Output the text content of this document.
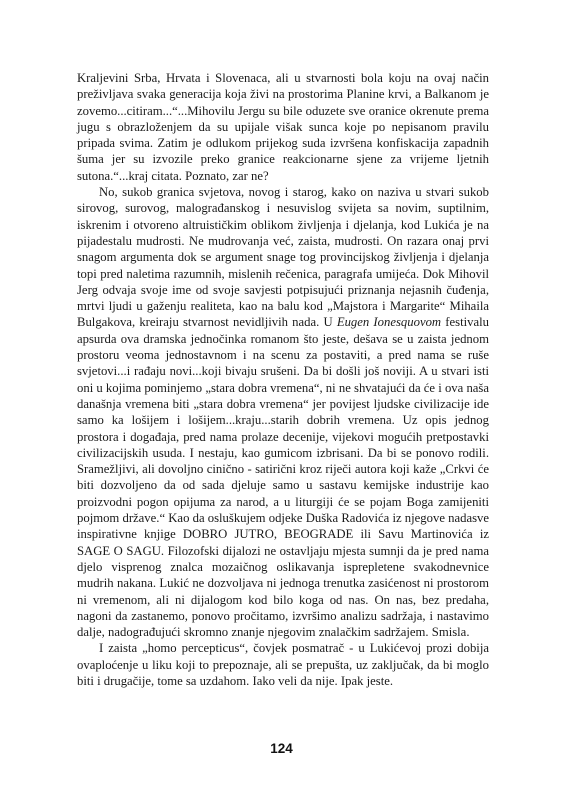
Kraljevini Srba, Hrvata i Slovenaca, ali u stvarnosti bola koju na ovaj način preživljava svaka generacija koja živi na prostorima Planine krvi, a Balkanom je zovemo...citiram...“...Mihovilu Jergu su bile oduzete sve oranice okrenute prema jugu s obrazloženjem da su upijale višak sunca koje po nepisanom pravilu pripada svima. Zatim je odlukom prijekog suda izvršena konfiskacija zapadnih šuma jer su izvozile preko granice reakcionarne sjene za vrijeme ljetnih sutona.“...kraj citata. Poznato, zar ne?

No, sukob granica svjetova, novog i starog, kako on naziva u stvari sukob sirovog, surovog, malograđanskog i nesuvislog svijeta sa novim, suptilnim, iskrenim i otvoreno altruističkim oblikom življenja i djelanja, kod Lukića je na pijadestalu mudrosti. Ne mudrovanja već, zaista, mudrosti. On razara onaj prvi snagom argumenta dok se argument snage tog provincijskog življenja i djelanja topi pred naletima razumnih, mislenih rečenica, paragrafa umijeća. Dok Mihovil Jerg odvaja svoje ime od svoje savjesti potpisujući priznanja nejasnih čuđenja, mrtvi ljudi u gaženju realiteta, kao na balu kod „Majstora i Margarite“ Mihaila Bulgakova, kreiraju stvarnost nevidljivih nada. U Eugen Ionesquovom festivalu apsurda ova dramska jednočinka romanom što jeste, dešava se u zaista jednom prostoru veoma jednostavnom i na scenu za postaviti, a pred nama se ruše svjetovi...i rađaju novi...koji bivaju srušeni. Da bi došli još noviji. A u stvari isti oni u kojima pominjemo „stara dobra vremena“, ni ne shvatajući da će i ova naša današnja vremena biti „stara dobra vremena“ jer povijest ljudske civilizacije ide samo ka lošijem i lošijem...kraju...starih dobrih vremena. Uz opis jednog prostora i događaja, pred nama prolaze decenije, vijekovi mogućih pretpostavki civilizacijskih usuda. I nestaju, kao gumicom izbrisani. Da bi se ponovo rodili. Sramežljivi, ali dovoljno cinično - satirični kroz riječi autora koji kaže „Crkvi će biti dozvoljeno da od sada djeluje samo u sastavu kemijske industrije kao proizvodni pogon opijuma za narod, a u liturgiji će se pojam Boga zamijeniti pojmom države.“ Kao da osluškujem odjeke Duška Radovića iz njegove nadasve inspirativne knjige DOBRO JUTRO, BEOGRADE ili Savu Martinovića iz SAGE O SAGU. Filozofski dijalozi ne ostavljaju mjesta sumnji da je pred nama djelo visprenog znalca mozaičnog oslikavanja isprepletene svakodnevnice mudrih nakana. Lukić ne dozvoljava ni jednoga trenutka zasićenost ni prostorom ni vremenom, ali ni dijalogom kod bilo koga od nas. On nas, bez predaha, nagoni da zastanemo, ponovo pročitamo, izvršimo analizu sadržaja, i nastavimo dalje, nadograđujući skromno znanje njegovim znalačkim sadržajem. Smisla.

I zaista „homo perceptiсus“, čovjek posmatrač - u Lukićevoj prozi dobija ovaploćenje u liku koji to prepoznaje, ali se prepušta, uz zaključak, da bi moglo biti i drugačije, tome sa uzdahom. Iako veli da nije. Ipak jeste.

124
